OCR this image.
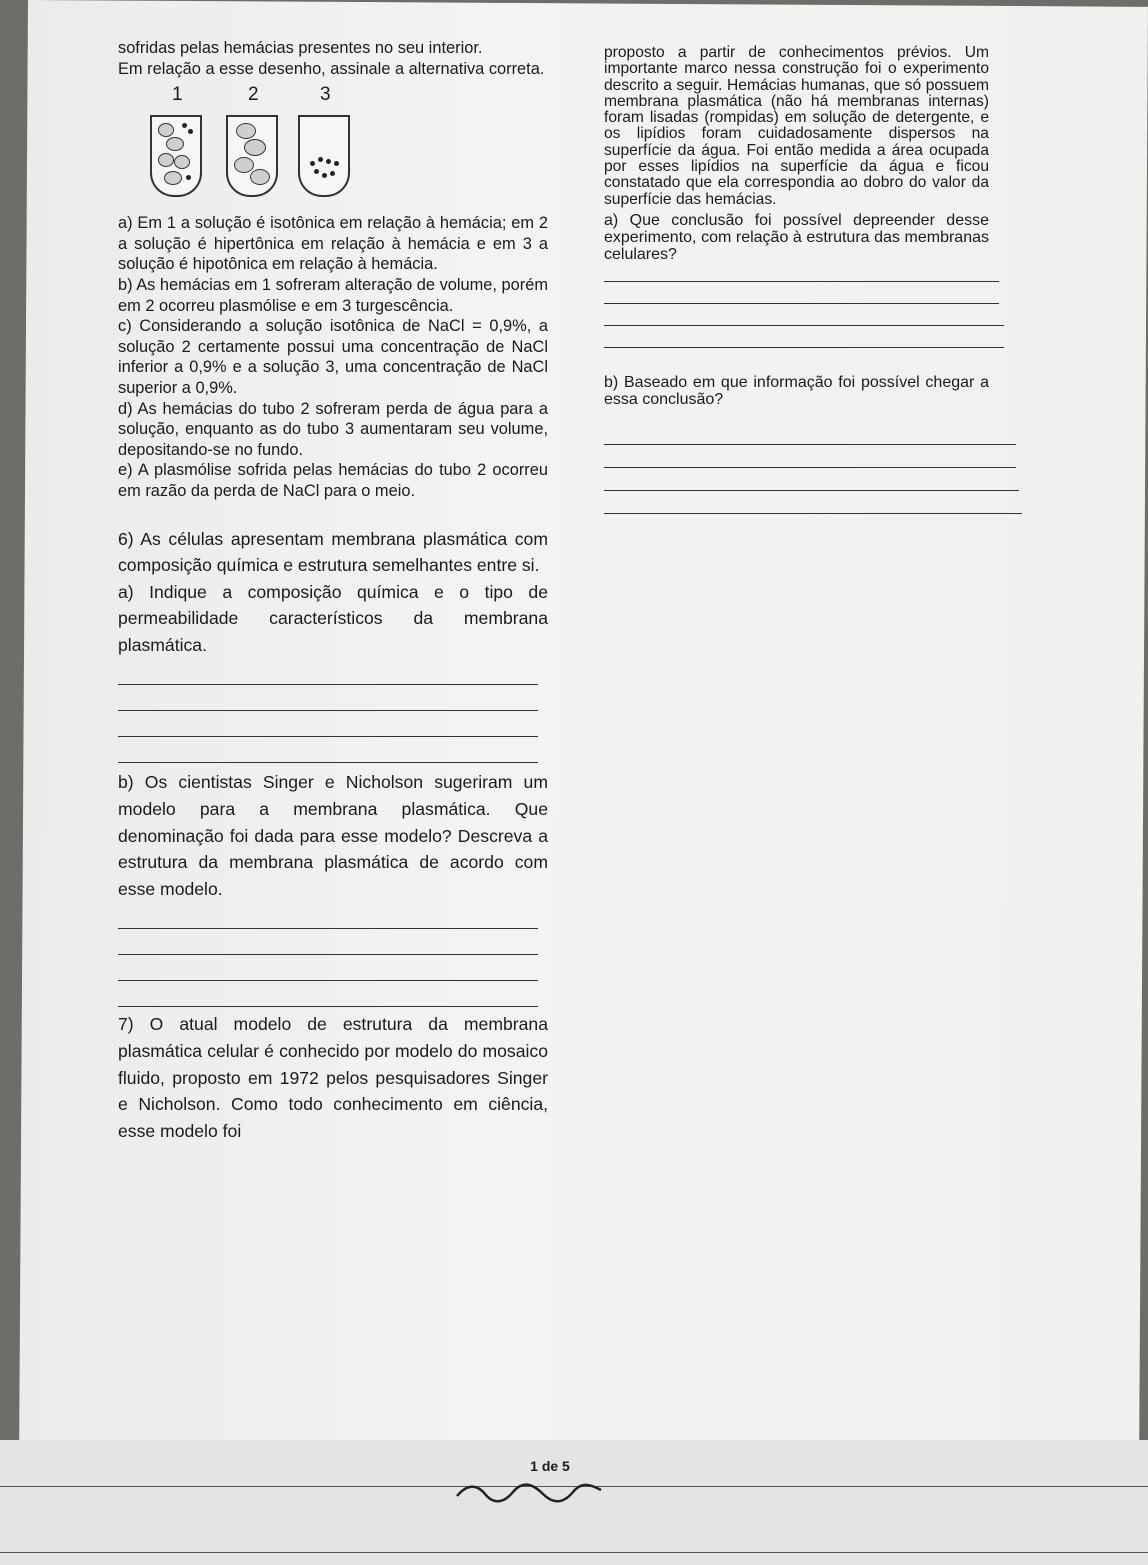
sofridas pelas hemácias presentes no seu interior.

Em relação a esse desenho, assinale a alternativa correta.

1	2	3

a) Em 1 a solução é isotônica em relação à hemácia; em 2 a solução é hipertônica em relação à hemácia e em 3 a solução é hipotônica em relação à hemácia.

b) As hemácias em 1 sofreram alteração de volume, porém em 2 ocorreu plasmólise e em 3 turgescência.

c) Considerando a solução isotônica de NaCl = 0,9%, a solução 2 certamente possui uma concentração de NaCl inferior a 0,9% e a solução 3, uma concentração de NaCl superior a 0,9%.

d) As hemácias do tubo 2 sofreram perda de água para a solução, enquanto as do tubo 3 aumentaram seu volume, depositando-se no fundo.

e) A plasmólise sofrida pelas hemácias do tubo 2 ocorreu em razão da perda de NaCl para o meio.

6) As células apresentam membrana plasmática com composição química e estrutura semelhantes entre si.

a) Indique a composição química e o tipo de permeabilidade característicos da membrana plasmática.

b) Os cientistas Singer e Nicholson sugeriram um modelo para a membrana plasmática. Que denominação foi dada para esse modelo? Descreva a estrutura da membrana plasmática de acordo com esse modelo.

7) O atual modelo de estrutura da membrana plasmática celular é conhecido por modelo do mosaico fluido, proposto em 1972 pelos pesquisadores Singer e Nicholson. Como todo conhecimento em ciência, esse modelo foi

proposto a partir de conhecimentos prévios. Um importante marco nessa construção foi o experimento descrito a seguir. Hemácias humanas, que só possuem membrana plasmática (não há membranas internas) foram lisadas (rompidas) em solução de detergente, e os lipídios foram cuidadosamente dispersos na superfície da água. Foi então medida a área ocupada por esses lipídios na superfície da água e ficou constatado que ela correspondia ao dobro do valor da superfície das hemácias.

a) Que conclusão foi possível depreender desse experimento, com relação à estrutura das membranas celulares?

b) Baseado em que informação foi possível chegar a essa conclusão?

1 de 5
